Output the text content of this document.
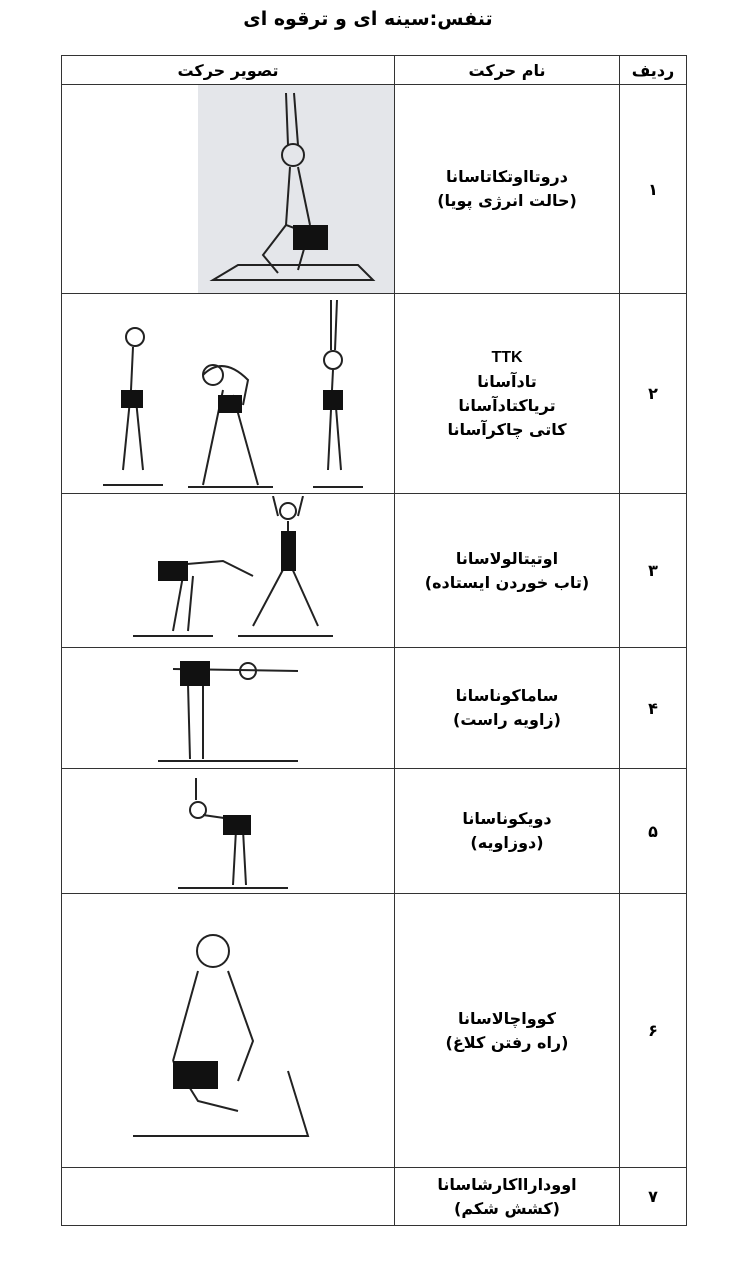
تنفس:سینه ای و ترقوه ای
ردیف	نام حرکت	تصویر حرکت
۱	دروتااوتکاتاسانا
(حالت انرژی پویا)

۲	TTK
تادآسانا
تریاکتادآسانا
کاتی چاکرآسانا

۳	اوتیتالولاسانا
(تاب خوردن ایستاده)

۴	ساماکوناسانا
(زاویه راست)

۵	دویکوناسانا
(دوزاویه)

۶	کوواچالاسانا
(راه رفتن کلاغ)

۷	اوودارااکارشاسانا
(کشش شکم)	
